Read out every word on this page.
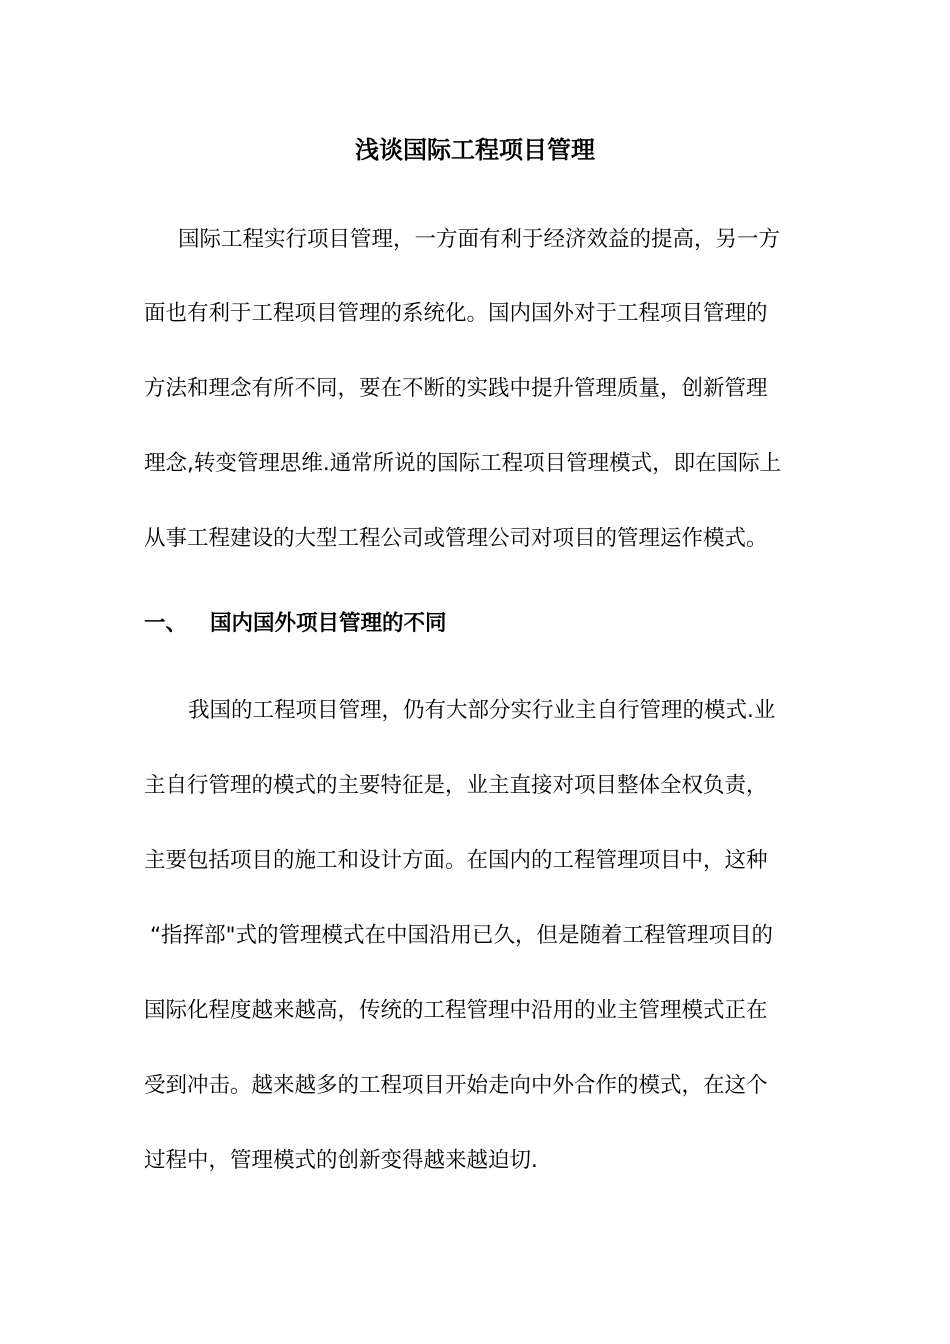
浅谈国际工程项目管理
国际工程实行项目管理，一方面有利于经济效益的提高，另一方
面也有利于工程项目管理的系统化。国内国外对于工程项目管理的
方法和理念有所不同，要在不断的实践中提升管理质量，创新管理
理念,转变管理思维.通常所说的国际工程项目管理模式，即在国际上
从事工程建设的大型工程公司或管理公司对项目的管理运作模式。
一、 国内国外项目管理的不同
我国的工程项目管理，仍有大部分实行业主自行管理的模式.业
主自行管理的模式的主要特征是，业主直接对项目整体全权负责，
主要包括项目的施工和设计方面。在国内的工程管理项目中，这种
“指挥部"式的管理模式在中国沿用已久，但是随着工程管理项目的
国际化程度越来越高，传统的工程管理中沿用的业主管理模式正在
受到冲击。越来越多的工程项目开始走向中外合作的模式，在这个
过程中，管理模式的创新变得越来越迫切.
